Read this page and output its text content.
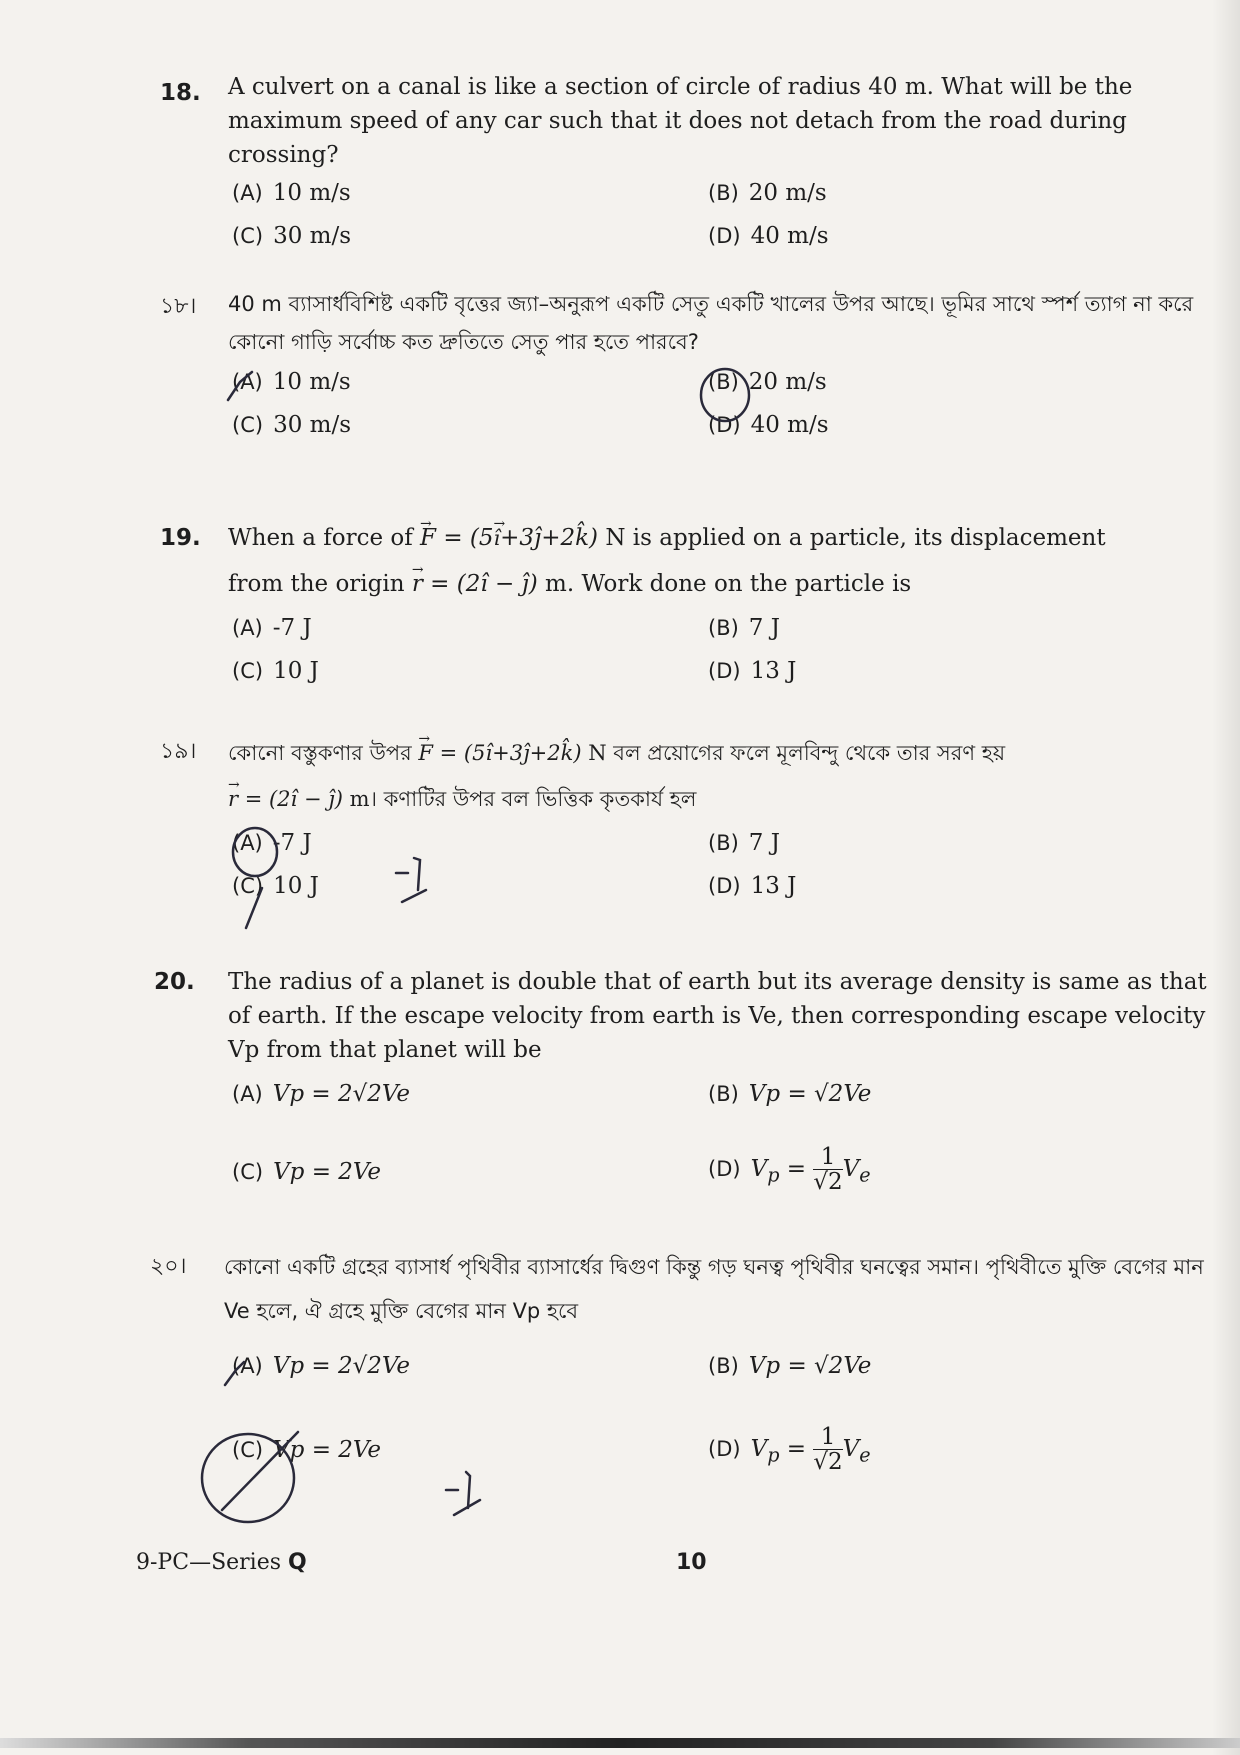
18. A culvert on a canal is like a section of circle of radius 40 m. What will be the maximum speed of any car such that it does not detach from the road during crossing?
(A) 10 m/s	(B) 20 m/s
(C) 30 m/s	(D) 40 m/s
১৮। 40 m ব্যাসার্ধবিশিষ্ট একটি বৃত্তের জ্যা–অনুরূপ একটি সেতু একটি খালের উপর আছে। ভূমির সাথে স্পর্শ ত্যাগ না করে কোনো গাড়ি সর্বোচ্চ কত দ্রুতিতে সেতু পার হতে পারবে?
(A) 10 m/s	(B) 20 m/s
(C) 30 m/s	(D) 40 m/s
19. When a force of → F = (5→ î+3ĵ+2k̂) N is applied on a particle, its displacement
from the origin → r = (2î − ĵ) m. Work done on the particle is
(A) -7 J	(B) 7 J
(C) 10 J	(D) 13 J
১৯। কোনো বস্তুকণার উপর → F = (5î+3ĵ+2k̂) N বল প্রয়োগের ফলে মূলবিন্দু থেকে তার সরণ হয়
→ r = (2î − ĵ) m। কণাটির উপর বল ভিত্তিক কৃতকার্য হল
(A) -7 J	(B) 7 J
(C) 10 J	(D) 13 J
20. The radius of a planet is double that of earth but its average density is same as that of earth. If the escape velocity from earth is Ve, then corresponding escape velocity Vp from that planet will be
(A) Vp = 2√2Ve	(B) Vp = √2Ve
(C) Vp = 2Ve	(D) $V_p = \frac{1}{√2} V_e$
২০। কোনো একটি গ্রহের ব্যাসার্ধ পৃথিবীর ব্যাসার্ধের দ্বিগুণ কিন্তু গড় ঘনত্ব পৃথিবীর ঘনত্বের সমান। পৃথিবীতে মুক্তি বেগের মান Ve হলে, ঐ গ্রহে মুক্তি বেগের মান Vp হবে
(A) Vp = 2√2Ve	(B) Vp = √2Ve
(C) Vp = 2Ve	(D) $V_p = \frac{1}{√2} V_e$
9-PC—Series Q	10
